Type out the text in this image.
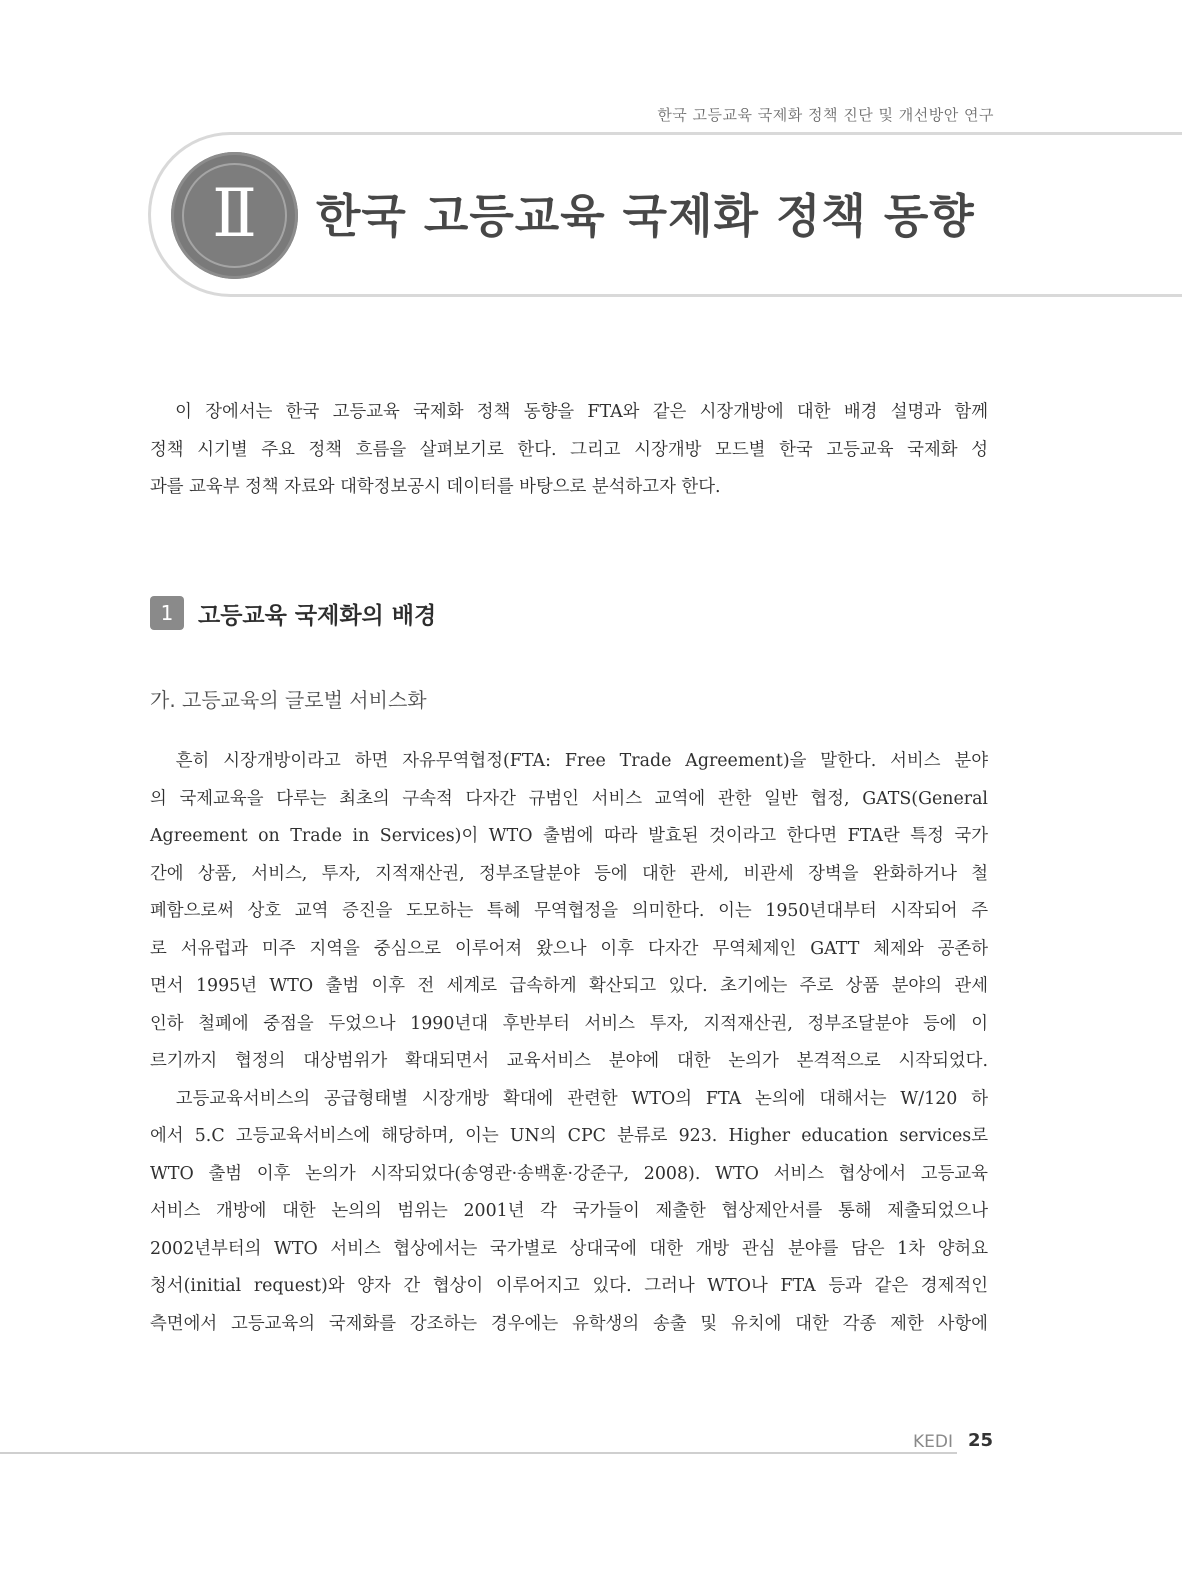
한국 고등교육 국제화 정책 진단 및 개선방안 연구
Ⅱ	한국 고등교육 국제화 정책 동향
　이 장에서는 한국 고등교육 국제화 정책 동향을 FTA와 같은 시장개방에 대한 배경 설명과 함께
정책 시기별 주요 정책 흐름을 살펴보기로 한다. 그리고 시장개방 모드별 한국 고등교육 국제화 성
과를 교육부 정책 자료와 대학정보공시 데이터를 바탕으로 분석하고자 한다.
1	고등교육 국제화의 배경
가. 고등교육의 글로벌 서비스화
　흔히 시장개방이라고 하면 자유무역협정(FTA: Free Trade Agreement)을 말한다. 서비스 분야
의 국제교육을 다루는 최초의 구속적 다자간 규범인 서비스 교역에 관한 일반 협정, GATS(General
Agreement on Trade in Services)이 WTO 출범에 따라 발효된 것이라고 한다면 FTA란 특정 국가
간에 상품, 서비스, 투자, 지적재산권, 정부조달분야 등에 대한 관세, 비관세 장벽을 완화하거나 철
폐함으로써 상호 교역 증진을 도모하는 특혜 무역협정을 의미한다. 이는 1950년대부터 시작되어 주
로 서유럽과 미주 지역을 중심으로 이루어져 왔으나 이후 다자간 무역체제인 GATT 체제와 공존하
면서 1995년 WTO 출범 이후 전 세계로 급속하게 확산되고 있다. 초기에는 주로 상품 분야의 관세
인하 철폐에 중점을 두었으나 1990년대 후반부터 서비스 투자, 지적재산권, 정부조달분야 등에 이
르기까지 협정의 대상범위가 확대되면서 교육서비스 분야에 대한 논의가 본격적으로 시작되었다.
　고등교육서비스의 공급형태별 시장개방 확대에 관련한 WTO의 FTA 논의에 대해서는 W/120 하
에서 5.C 고등교육서비스에 해당하며, 이는 UN의 CPC 분류로 923. Higher education services로
WTO 출범 이후 논의가 시작되었다(송영관·송백훈·강준구, 2008). WTO 서비스 협상에서 고등교육
서비스 개방에 대한 논의의 범위는 2001년 각 국가들이 제출한 협상제안서를 통해 제출되었으나
2002년부터의 WTO 서비스 협상에서는 국가별로 상대국에 대한 개방 관심 분야를 담은 1차 양허요
청서(initial request)와 양자 간 협상이 이루어지고 있다. 그러나 WTO나 FTA 등과 같은 경제적인
측면에서 고등교육의 국제화를 강조하는 경우에는 유학생의 송출 및 유치에 대한 각종 제한 사항에
KEDI 25
